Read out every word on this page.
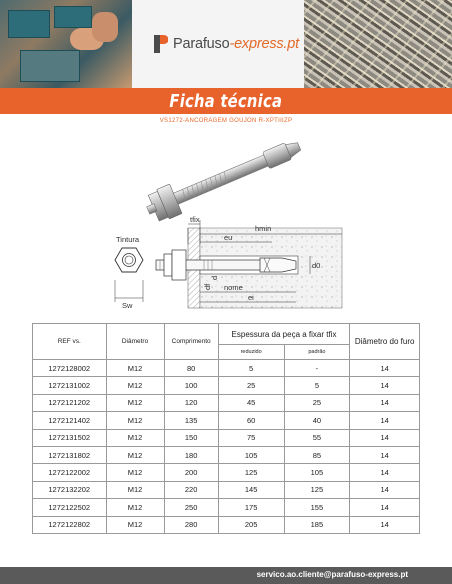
Parafuso-express.pt
Ficha técnica
VS1272-ANCORAGEM GOUJON R-XPTIIIZP
Tintura
Sw
tfix
hmin
eu
d0
d
df nome
ei
REF vs.	Diâmetro	Comprimento	Espessura da peça a fixar tfix		Diâmetro do furo
			reduzido	padrão	
1272128002	M12	80	5	-	14
1272131002	M12	100	25	5	14
1272121202	M12	120	45	25	14
1272121402	M12	135	60	40	14
1272131502	M12	150	75	55	14
1272131802	M12	180	105	85	14
1272122002	M12	200	125	105	14
1272132202	M12	220	145	125	14
1272122502	M12	250	175	155	14
1272122802	M12	280	205	185	14
servico.ao.cliente@parafuso-express.pt
